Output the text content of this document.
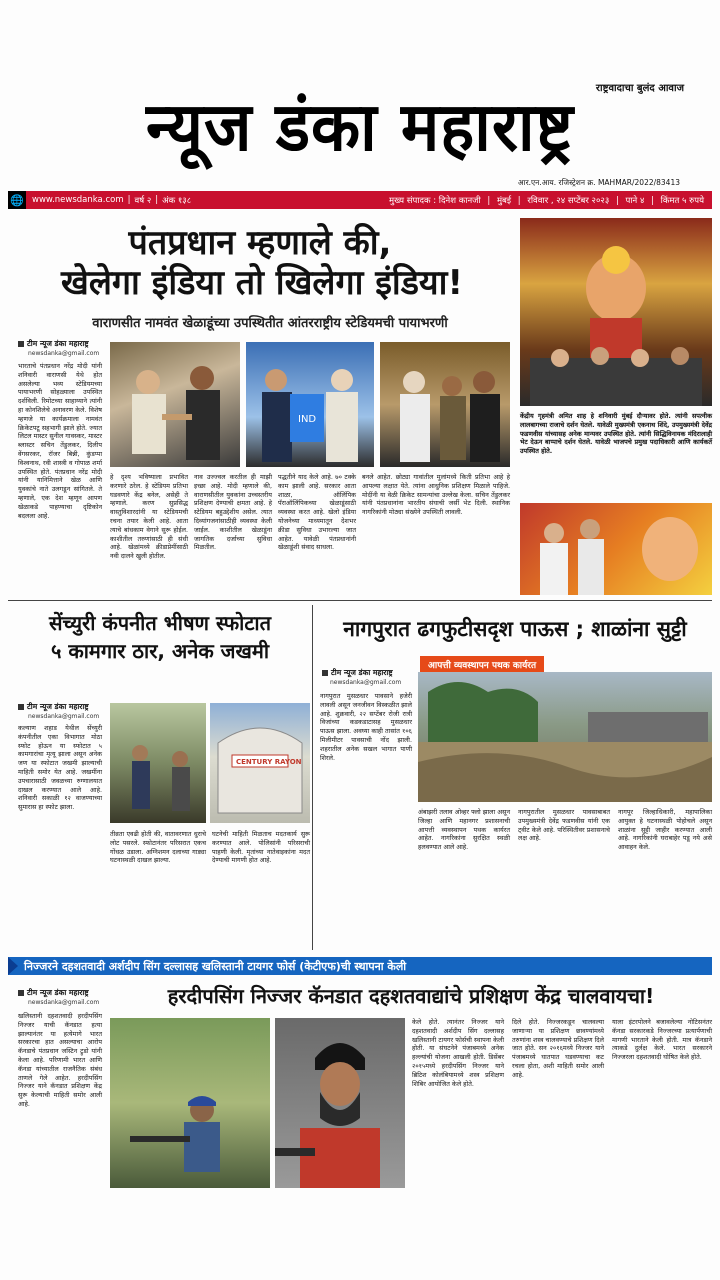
राष्ट्रवादाचा बुलंद आवाज
न्यूज डंका महाराष्ट्र
आर.एन.आय. रजिस्ट्रेशन क्र. MAHMAR/2022/83413
🌐 www.newsdanka.com | वर्ष २ | अंक १३८	मुख्य संपादक : दिनेश कानजी | मुंबई | रविवार , २४ सप्टेंबर २०२३ | पाने ४ | किंमत ५ रुपये
पंतप्रधान म्हणाले की,
खेलेगा इंडिया तो खिलेगा इंडिया!
वाराणसीत नामवंत खेळाडूंच्या उपस्थितीत आंतरराष्ट्रीय स्टेडियमची पायाभरणी
टीम न्यूज डंका महाराष्ट्र
newsdanka@gmail.com
भारताचे पंतप्रधान नरेंद्र मोदी यांनी शनिवारी वाराणसी येथे होत असलेल्या भव्य स्टेडियमच्या पायाभरणी सोहळ्याला उपस्थित दर्शविली. रिमोटच्या साहाय्याने त्यांनी हा कोनशिलेचे अनावरण केले. विशेष म्हणजे या कार्यक्रमाला नामवंत क्रिकेटपटू सहभागी झाले होते. ज्यात लिटल मास्टर सुनील गावस्कर, मास्टर ब्लास्टर सचिन तेंडुलकर, दिलीप वेंगसरकर, रॉजर बिन्नी, कुंडप्पा विश्वनाथ, रवी शास्त्री व गोपाळ शर्मा उपस्थित होते. पंतप्रधान नरेंद्र मोदी यांनी यानिमित्ताने खेळ आणि युवकांचे नाते उलगडून सांगितले. ते म्हणाले, एक देश म्हणून आपण खेळाकडे पाहण्याचा दृष्टिकोन बदलला आहे.
IND
हे दृश्य भविष्याला प्रभावित करणारे ठरेल. हे स्टेडियम प्रतिभा घडवणारे केंद्र बनेल, असेही ते म्हणाले. करण सुप्रसिद्ध वास्तुविशारदांनी या स्टेडियमची रचना तयार केली आहे. आता त्याचे बांधकाम वेगाने सुरू होईल. काशीतील तरुणांसाठी ही संधी आहे. खेळांमध्ये क्रीडाप्रेमींसाठी नवी दालने खुली होतील.
नाव उज्ज्वल करतील ही माझी इच्छा आहे. मोदी म्हणाले की, वाराणसीतील युवकांना उच्चस्तरीय प्रशिक्षण देण्याची क्षमता आहे. हे स्टेडियम बहुउद्देशीय असेल. त्यात दिव्यांगजनांसाठीही व्यवस्था केली जाईल. काशीतील खेळाडूंना जागतिक दर्जाच्या सुविधा मिळतील.
पद्धतीने याद केले आहे. ७० टक्के काम झाली आहे. सरकार आता शाळा, ऑलिंपिक पॅराऑलिंपिकच्या खेळाडूंसाठी व्यवस्था करत आहे. खेलो इंडिया योजनेच्या माध्यमातून देशभर क्रीडा सुविधा उभारल्या जात आहेत. यावेळी पंतप्रधानांनी खेळाडूंशी संवाद साधला.
बनले आहेत. छोट्या गावांतील मुलांमध्ये किती प्रतिभा आहे हे आपल्या लक्षात येते. त्यांना आधुनिक प्रशिक्षण मिळाले पाहिजे. मोदींनी या वेळी क्रिकेट सामन्यांचा उल्लेख केला. सचिन तेंडुलकर यांनी पंतप्रधानांना भारतीय संघाची जर्सी भेट दिली. स्थानिक नागरिकांनी मोठ्या संख्येने उपस्थिती लावली.
केंद्रीय गृहमंत्री अमित शाह हे शनिवारी मुंबई दौऱ्यावर होते. त्यांनी सपत्नीक लालबागच्या राजाचे दर्शन घेतले. यावेळी मुख्यमंत्री एकनाथ शिंदे, उपमुख्यमंत्री देवेंद्र फडणवीस यांच्यासह अनेक मान्यवर उपस्थित होते. त्यांनी सिद्धिविनायक मंदिरालाही भेट देऊन बाप्पाचे दर्शन घेतले. यावेळी भाजपचे प्रमुख पदाधिकारी आणि कार्यकर्ते उपस्थित होते.
सेंच्युरी कंपनीत भीषण स्फोटात
५ कामगार ठार, अनेक जखमी
टीम न्यूज डंका महाराष्ट्र
newsdanka@gmail.com
कल्याण शहाड येथील सेंच्युरी कंपनीतील एका विभागात मोठा स्फोट होऊन या स्फोटात ५ कामगारांचा मृत्यू झाला असून अनेक जण या स्फोटात जखमी झाल्याची माहिती समोर येत आहे. जखमींना उपचारासाठी जवळच्या रुग्णालयात दाखल करण्यात आले आहे. शनिवारी सकाळी १२ वाजण्याच्या सुमारास हा स्फोट झाला.
CENTURY RAYON
तीव्रता एवढी होती की, वातावरणात धुराचे लोट पसरले. स्फोटानंतर परिसरात एकच गोंधळ उडाला. अग्निशमन दलाच्या गाड्या घटनास्थळी दाखल झाल्या.
घटनेची माहिती मिळताच मदतकार्य सुरू करण्यात आले. पोलिसांनी परिसराची पाहणी केली. मृतांच्या नातेवाइकांना मदत देण्याची मागणी होत आहे.
नागपुरात ढगफुटीसदृश पाऊस ; शाळांना सुट्टी
आपत्ती व्यवस्थापन पथक कार्यरत
टीम न्यूज डंका महाराष्ट्र
newsdanka@gmail.com
नागपुरात मुसळधार पावसाने हजेरी लावली असून जनजीवन विस्कळीत झाले आहे. शुक्रवारी, २२ सप्टेंबर रोजी रात्री विजांच्या कडकडाटासह मुसळधार पाऊस झाला. अवघ्या काही तासांत १०६ मिलीमीटर पावसाची नोंद झाली. शहरातील अनेक सखल भागात पाणी शिरले.
अंबाझरी तलाव ओव्हर फ्लो झाला असून जिल्हा आणि महानगर प्रशासनाची आपत्ती व्यवस्थापन पथक कार्यरत आहेत. नागरिकांना सुरक्षित स्थळी हलवण्यात आले आहे.
नागपुरातील मुसळधार पावसाबाबत उपमुख्यमंत्री देवेंद्र फडणवीस यांनी एक ट्वीट केले आहे. परिस्थितीवर प्रशासनाचे लक्ष आहे.
नागपूर जिल्हाधिकारी, महापालिका आयुक्त हे घटनास्थळी पोहोचले असून शाळांना सुट्टी जाहीर करण्यात आली आहे. नागरिकांनी घराबाहेर पडू नये असे आवाहन केले.
निज्जरने दहशतवादी अर्शदीप सिंग दल्लासह खलिस्तानी टायगर फोर्स (केटीएफ)ची स्थापना केली
हरदीपसिंग निज्जर कॅनडात दहशतवाद्यांचे प्रशिक्षण केंद्र चालवायचा!
टीम न्यूज डंका महाराष्ट्र
newsdanka@gmail.com
खलिस्तानी दहशतवादी हरदीपसिंग निज्जर याची कॅनडात हत्या झाल्यानंतर या हत्येमागे भारत सरकारचा हात असल्याचा आरोप कॅनडाचे पंतप्रधान जस्टिन ट्रुडो यांनी केला आहे. परिणामी भारत आणि कॅनडा यांच्यातील राजनैतिक संबंध ताणले गेले आहेत. हरदीपसिंग निज्जर याने कॅनडात प्रशिक्षण केंद्र सुरू केल्याची माहिती समोर आली आहे.
केले होते. त्यानंतर निज्जर याने दहशतवादी अर्शदीप सिंग दल्लासह खलिस्तानी टायगर फोर्सची स्थापना केली होती. या संघटनेने पंजाबमध्ये अनेक हल्ल्यांची योजना आखली होती. डिसेंबर २०१५मध्ये हरदीपसिंग निज्जर याने ब्रिटिश कोलंबियामध्ये शस्त्र प्रशिक्षण शिबिर आयोजित केले होते.
दिले होते. निज्जरकडून चालवल्या जाणाऱ्या या प्रशिक्षण छावण्यांमध्ये तरुणांना शस्त्र चालवण्याचे प्रशिक्षण दिले जात होते. सन २०१६मध्ये निज्जर याने पंजाबमध्ये घातपात घडवण्याचा कट रचला होता, अशी माहिती समोर आली आहे.
याला इंटरपोलने बजावलेल्या नोटिसनंतर कॅनडा सरकारकडे निज्जरच्या प्रत्यार्पणाची मागणी भारताने केली होती. मात्र कॅनडाने त्याकडे दुर्लक्ष केले. भारत सरकारने निज्जरला दहशतवादी घोषित केले होते.
